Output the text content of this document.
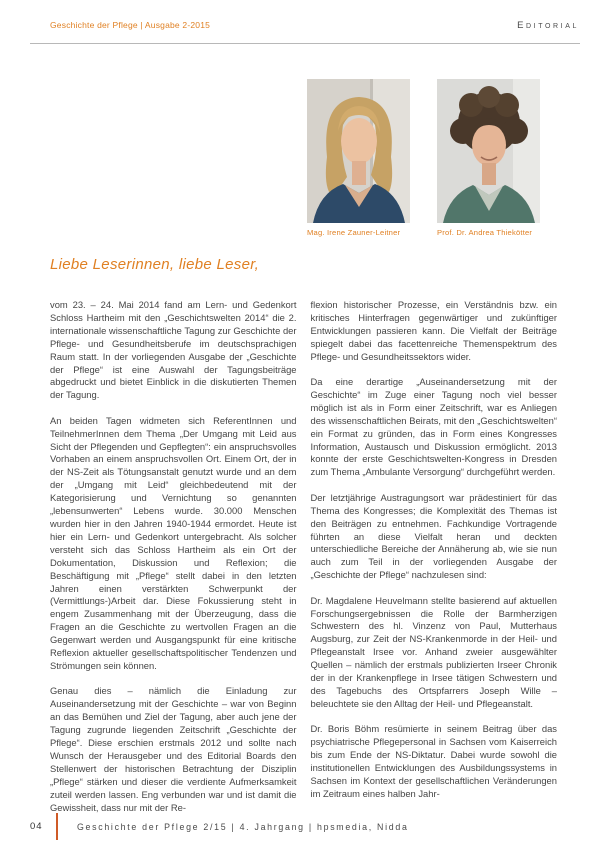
Geschichte der Pflege | Ausgabe 2-2015	Editorial
Mag. Irene Zauner-Leitner	Prof. Dr. Andrea Thiekötter
Liebe Leserinnen, liebe Leser,

vom 23. – 24. Mai 2014 fand am Lern- und Gedenkort Schloss Hartheim mit den „Geschichtswelten 2014“ die 2. internationale wissenschaftliche Tagung zur Geschichte der Pflege- und Gesundheitsberufe im deutschsprachigen Raum statt. In der vorliegenden Ausgabe der „Geschichte der Pflege“ ist eine Auswahl der Tagungsbeiträge abgedruckt und bietet Einblick in die diskutierten Themen der Tagung.

An beiden Tagen widmeten sich ReferentInnen und TeilnehmerInnen dem Thema „Der Umgang mit Leid aus Sicht der Pflegenden und Gepflegten“: ein anspruchsvolles Vorhaben an einem anspruchsvollen Ort. Einem Ort, der in der NS-Zeit als Tötungsanstalt genutzt wurde und an dem der „Umgang mit Leid“ gleichbedeutend mit der Kategorisierung und Vernichtung so genannten „lebensunwerten“ Lebens wurde. 30.000 Menschen wurden hier in den Jahren 1940-1944 ermordet. Heute ist hier ein Lern- und Gedenkort untergebracht. Als solcher versteht sich das Schloss Hartheim als ein Ort der Dokumentation, Diskussion und Reflexion; die Beschäftigung mit „Pflege“ stellt dabei in den letzten Jahren einen verstärkten Schwerpunkt der (Vermittlungs-)Arbeit dar. Diese Fokussierung steht in engem Zusammenhang mit der Überzeugung, dass die Fragen an die Geschichte zu wertvollen Fragen an die Gegenwart werden und Ausgangspunkt für eine kritische Reflexion aktueller gesellschaftspolitischer Tendenzen und Strömungen sein können.

Genau dies – nämlich die Einladung zur Auseinandersetzung mit der Geschichte – war von Beginn an das Bemühen und Ziel der Tagung, aber auch jene der Tagung zugrunde liegenden Zeitschrift „Geschichte der Pflege“. Diese erschien erstmals 2012 und sollte nach Wunsch der Herausgeber und des Editorial Boards den Stellenwert der historischen Betrachtung der Disziplin „Pflege“ stärken und dieser die verdiente Aufmerksamkeit zuteil werden lassen. Eng verbunden war und ist damit die Gewissheit, dass nur mit der Re-

flexion historischer Prozesse, ein Verständnis bzw. ein kritisches Hinterfragen gegenwärtiger und zukünftiger Entwicklungen passieren kann. Die Vielfalt der Beiträge spiegelt dabei das facettenreiche Themenspektrum des Pflege- und Gesundheitssektors wider.

Da eine derartige „Auseinandersetzung mit der Geschichte“ im Zuge einer Tagung noch viel besser möglich ist als in Form einer Zeitschrift, war es Anliegen des wissenschaftlichen Beirats, mit den „Geschichtswelten“ ein Format zu gründen, das in Form eines Kongresses Information, Austausch und Diskussion ermöglicht. 2013 konnte der erste Geschichtswelten-Kongress in Dresden zum Thema „Ambulante Versorgung“ durchgeführt werden.

Der letztjährige Austragungsort war prädestiniert für das Thema des Kongresses; die Komplexität des Themas ist den Beiträgen zu entnehmen. Fachkundige Vortragende führten an diese Vielfalt heran und deckten unterschiedliche Bereiche der Annäherung ab, wie sie nun auch zum Teil in der vorliegenden Ausgabe der „Geschichte der Pflege“ nachzulesen sind:

Dr. Magdalene Heuvelmann stellte basierend auf aktuellen Forschungsergebnissen die Rolle der Barmherzigen Schwestern des hl. Vinzenz von Paul, Mutterhaus Augsburg, zur Zeit der NS-Krankenmorde in der Heil- und Pflegeanstalt Irsee vor. Anhand zweier ausgewählter Quellen – nämlich der erstmals publizierten Irseer Chronik der in der Krankenpflege in Irsee tätigen Schwestern und des Tagebuchs des Ortspfarrers Joseph Wille – beleuchtete sie den Alltag der Heil- und Pflegeanstalt.

Dr. Boris Böhm resümierte in seinem Beitrag über das psychiatrische Pflegepersonal in Sachsen vom Kaiserreich bis zum Ende der NS-Diktatur. Dabei wurde sowohl die institutionellen Entwicklungen des Ausbildungssystems in Sachsen im Kontext der gesellschaftlichen Veränderungen im Zeitraum eines halben Jahr-

04	Geschichte der Pflege 2/15 | 4. Jahrgang | hpsmedia, Nidda
